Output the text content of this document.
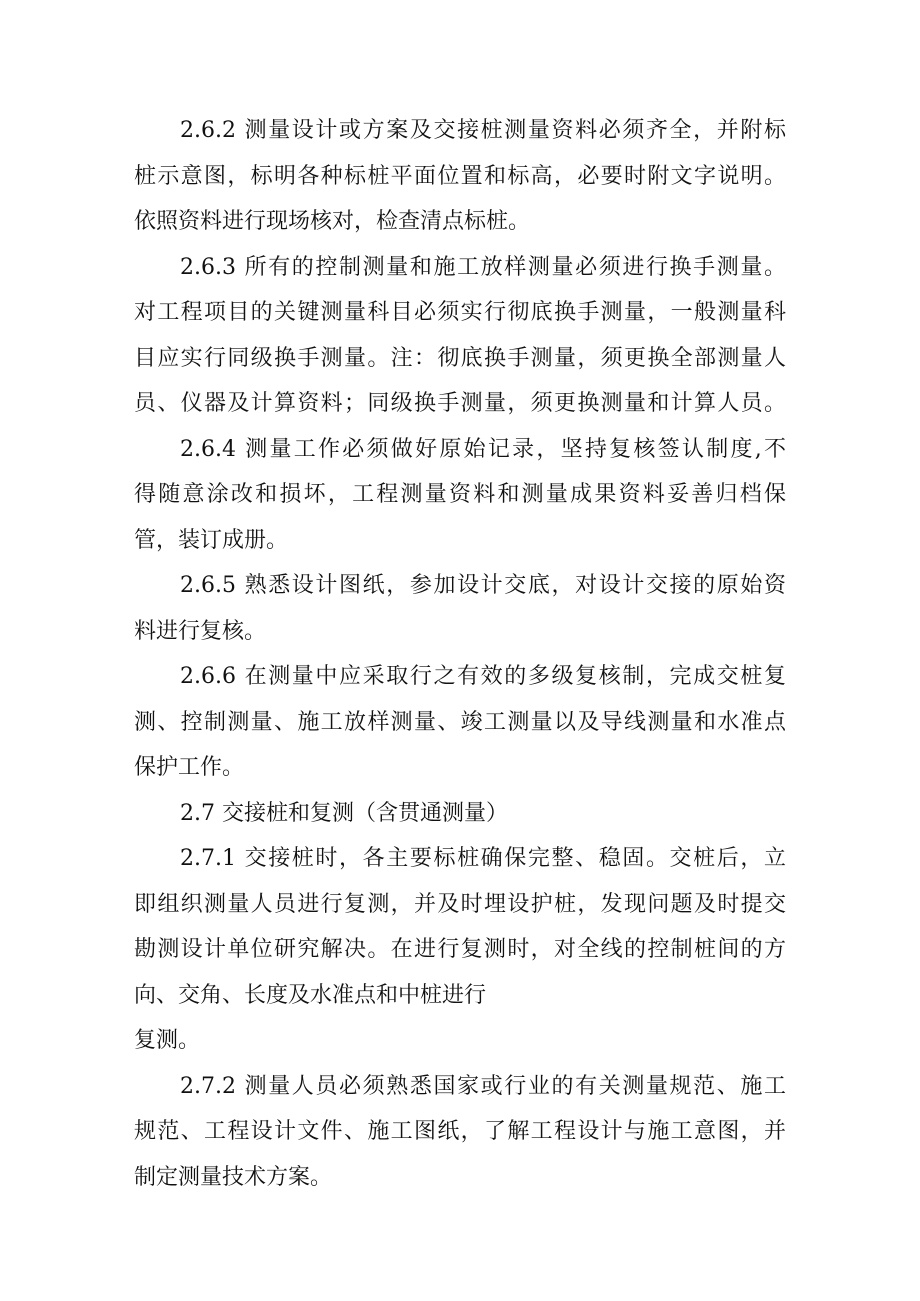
2.6.2 测量设计或方案及交接桩测量资料必须齐全，并附标
桩示意图，标明各种标桩平面位置和标高，必要时附文字说明。
依照资料进行现场核对，检查清点标桩。
2.6.3 所有的控制测量和施工放样测量必须进行换手测量。
对工程项目的关键测量科目必须实行彻底换手测量，一般测量科
目应实行同级换手测量。注：彻底换手测量，须更换全部测量人
员、仪器及计算资料；同级换手测量，须更换测量和计算人员。
2.6.4 测量工作必须做好原始记录，坚持复核签认制度,不
得随意涂改和损坏，工程测量资料和测量成果资料妥善归档保
管，装订成册。
2.6.5 熟悉设计图纸，参加设计交底，对设计交接的原始资
料进行复核。
2.6.6 在测量中应采取行之有效的多级复核制，完成交桩复
测、控制测量、施工放样测量、竣工测量以及导线测量和水准点
保护工作。
2.7 交接桩和复测（含贯通测量）
2.7.1 交接桩时，各主要标桩确保完整、稳固。交桩后，立
即组织测量人员进行复测，并及时埋设护桩，发现问题及时提交
勘测设计单位研究解决。在进行复测时，对全线的控制桩间的方
向、交角、长度及水准点和中桩进行
复测。
2.7.2 测量人员必须熟悉国家或行业的有关测量规范、施工
规范、工程设计文件、施工图纸，了解工程设计与施工意图，并
制定测量技术方案。
